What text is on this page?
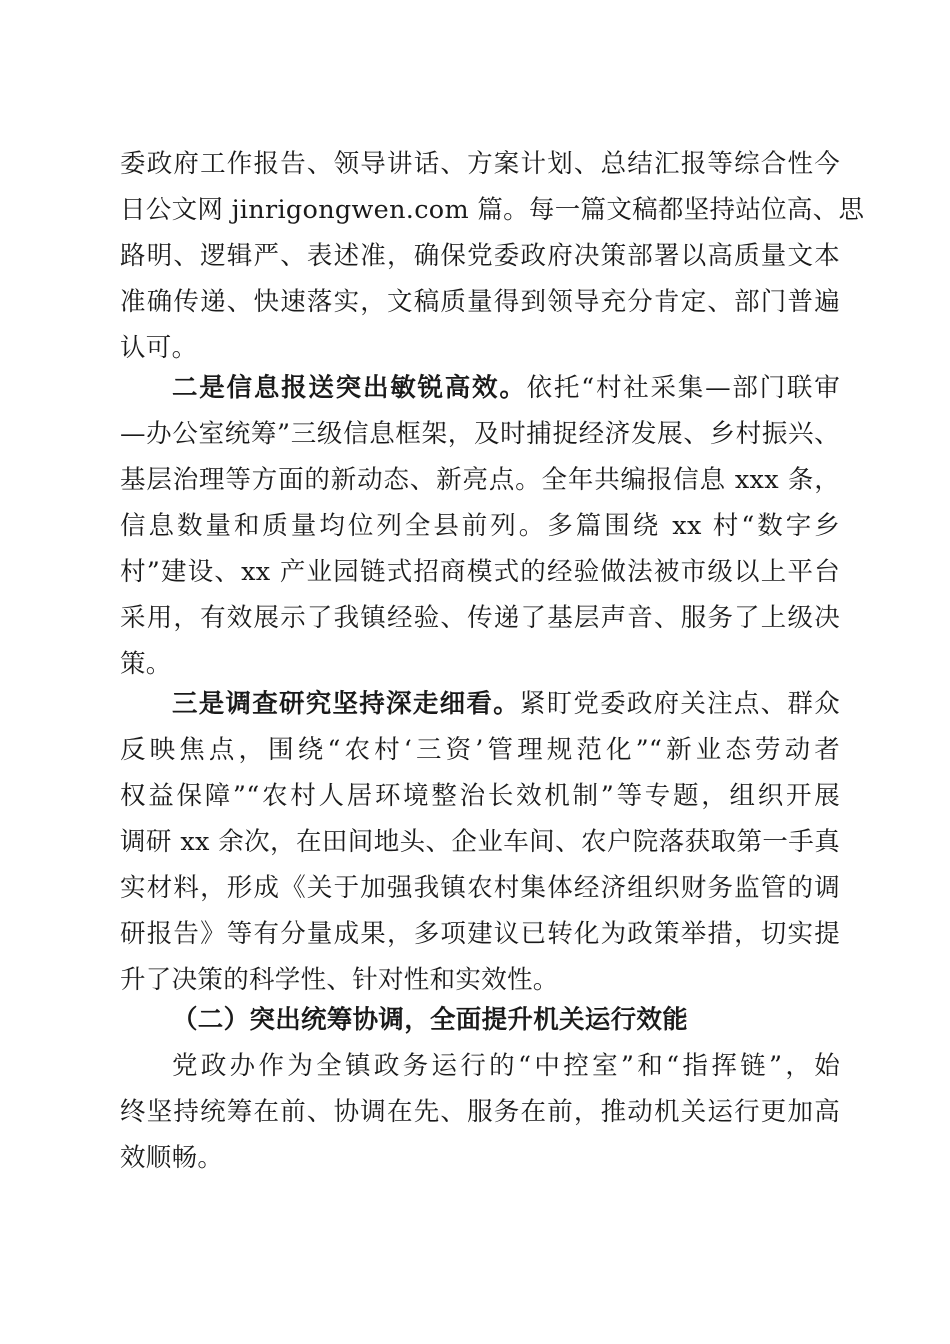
委政府工作报告、领导讲话、方案计划、总结汇报等综合性今
日公文网 jinrigongwen.com 篇。每一篇文稿都坚持站位高、思
路明、逻辑严、表述准，确保党委政府决策部署以高质量文本
准确传递、快速落实，文稿质量得到领导充分肯定、部门普遍
认可。
二是信息报送突出敏锐高效。依托“村社采集—部门联审
—办公室统筹”三级信息框架，及时捕捉经济发展、乡村振兴、
基层治理等方面的新动态、新亮点。全年共编报信息 xxx 条，
信息数量和质量均位列全县前列。多篇围绕 xx 村“数字乡
村”建设、xx 产业园链式招商模式的经验做法被市级以上平台
采用，有效展示了我镇经验、传递了基层声音、服务了上级决
策。
三是调查研究坚持深走细看。紧盯党委政府关注点、群众
反映焦点，围绕“农村‘三资’管理规范化”“新业态劳动者
权益保障”“农村人居环境整治长效机制”等专题，组织开展
调研 xx 余次，在田间地头、企业车间、农户院落获取第一手真
实材料，形成《关于加强我镇农村集体经济组织财务监管的调
研报告》等有分量成果，多项建议已转化为政策举措，切实提
升了决策的科学性、针对性和实效性。
（二）突出统筹协调，全面提升机关运行效能
党政办作为全镇政务运行的“中控室”和“指挥链”，始
终坚持统筹在前、协调在先、服务在前，推动机关运行更加高
效顺畅。
